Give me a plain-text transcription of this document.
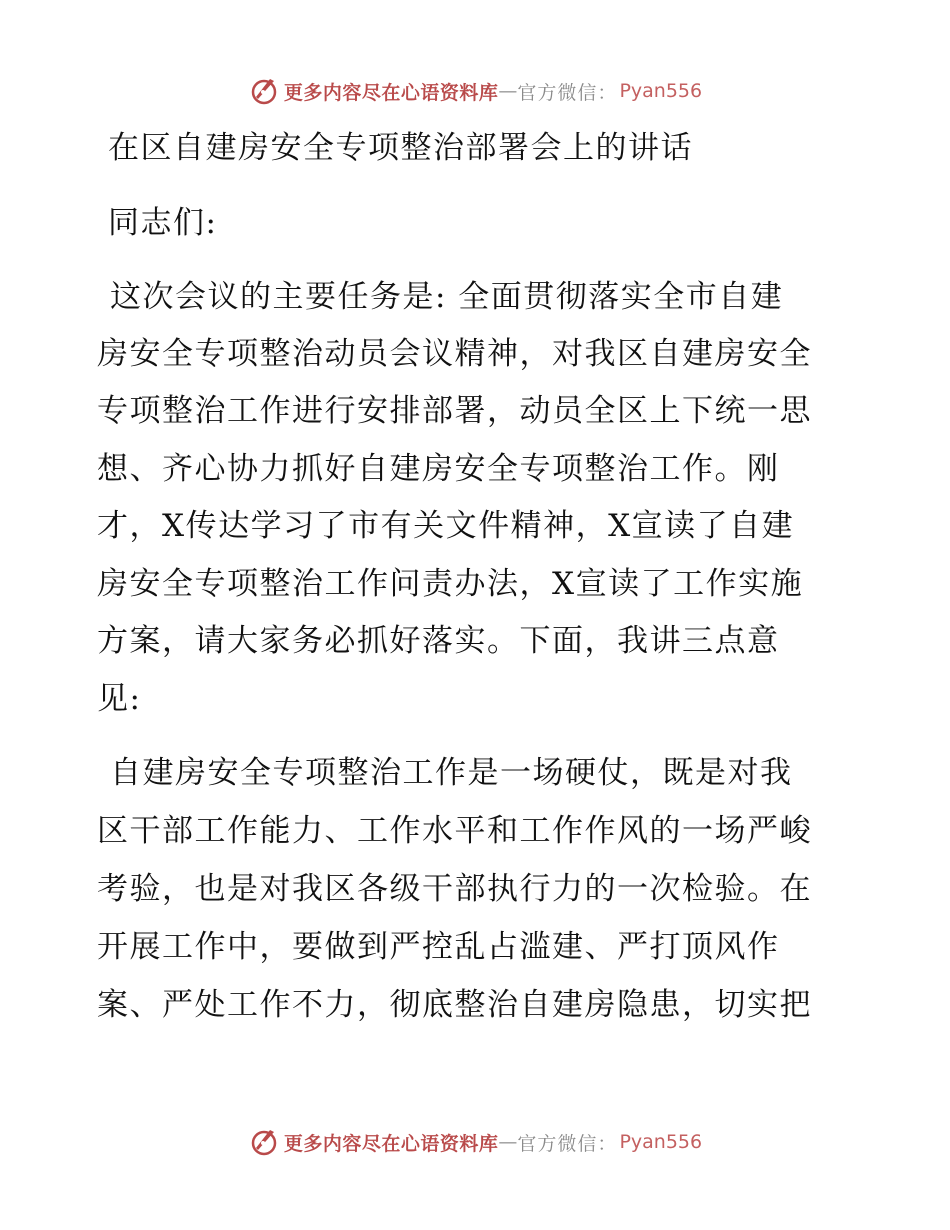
更多内容尽在心语资料库 — 官方微信： Pyan556
在区自建房安全专项整治部署会上的讲话
同志们:
这次会议的主要任务是: 全面贯彻落实全市自建
房安全专项整治动员会议精神，对我区自建房安全
专项整治工作进行安排部署，动员全区上下统一思
想、齐心协力抓好自建房安全专项整治工作。刚
才，X传达学习了市有关文件精神，X宣读了自建
房安全专项整治工作问责办法，X宣读了工作实施
方案，请大家务必抓好落实。下面，我讲三点意
见:
自建房安全专项整治工作是一场硬仗，既是对我
区干部工作能力、工作水平和工作作风的一场严峻
考验，也是对我区各级干部执行力的一次检验。在
开展工作中，要做到严控乱占滥建、严打顶风作
案、严处工作不力，彻底整治自建房隐患，切实把
更多内容尽在心语资料库 — 官方微信： Pyan556
